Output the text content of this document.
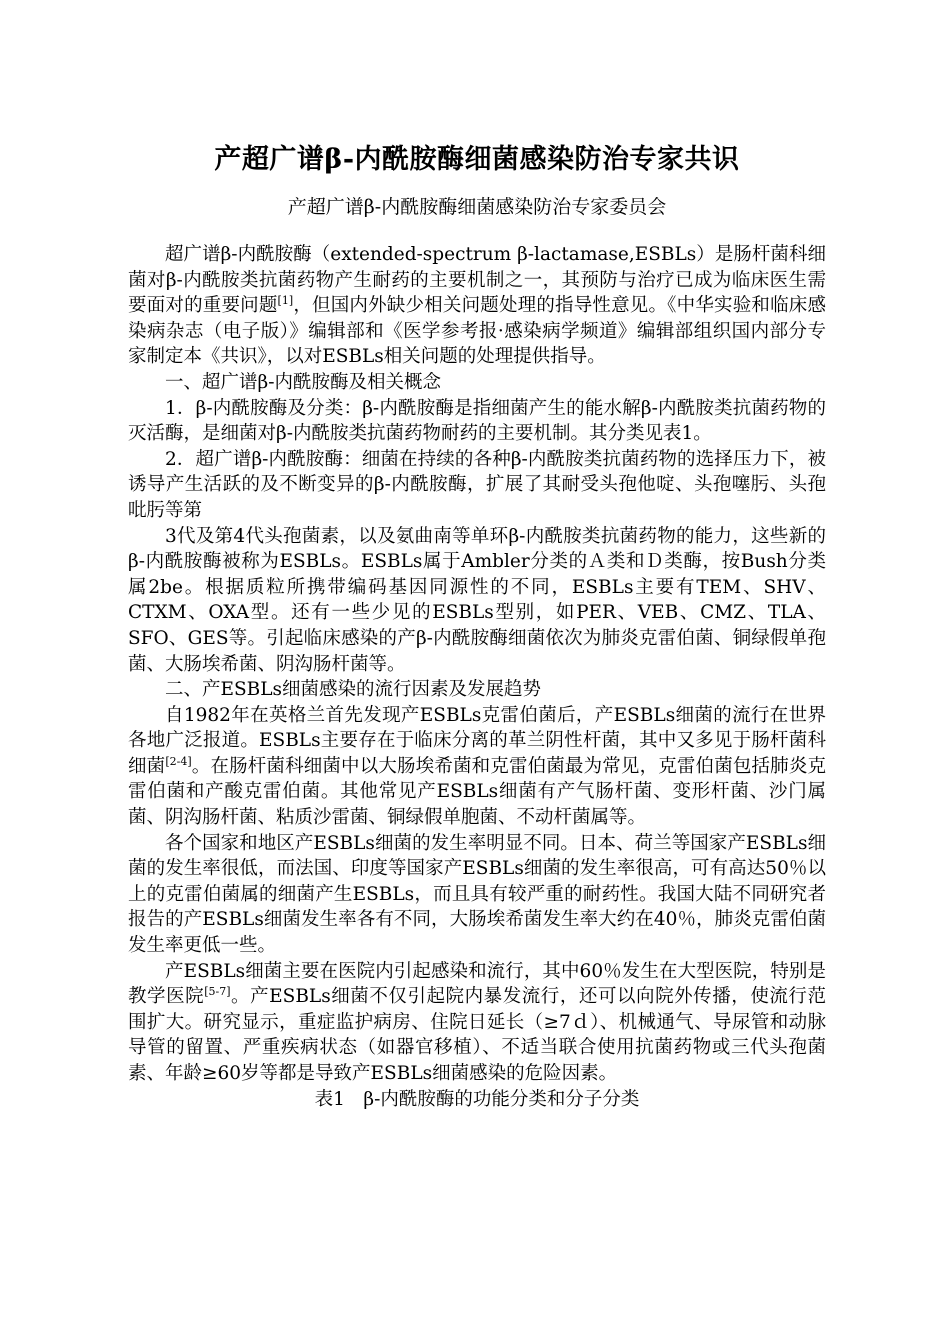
产超广谱β-内酰胺酶细菌感染防治专家共识

产超广谱β-内酰胺酶细菌感染防治专家委员会

超广谱β-内酰胺酶（extended-spectrum β-lactamase,ESBLs）是肠杆菌科细菌对β-内酰胺类抗菌药物产生耐药的主要机制之一，其预防与治疗已成为临床医生需要面对的重要问题[1]，但国内外缺少相关问题处理的指导性意见。《中华实验和临床感染病杂志（电子版）》编辑部和《医学参考报·感染病学频道》编辑部组织国内部分专家制定本《共识》，以对ESBLs相关问题的处理提供指导。

一、超广谱β-内酰胺酶及相关概念

1．β-内酰胺酶及分类：β-内酰胺酶是指细菌产生的能水解β-内酰胺类抗菌药物的灭活酶，是细菌对β-内酰胺类抗菌药物耐药的主要机制。其分类见表1。

2．超广谱β-内酰胺酶：细菌在持续的各种β-内酰胺类抗菌药物的选择压力下，被诱导产生活跃的及不断变异的β-内酰胺酶，扩展了其耐受头孢他啶、头孢噻肟、头孢吡肟等第

3代及第4代头孢菌素，以及氨曲南等单环β-内酰胺类抗菌药物的能力，这些新的β-内酰胺酶被称为ESBLs。ESBLs属于Ambler分类的Ａ类和Ｄ类酶，按Bush分类属2be。根据质粒所携带编码基因同源性的不同，ESBLs主要有TEM、SHV、CTXM、OXA型。还有一些少见的ESBLs型别，如PER、VEB、CMZ、TLA、SFO、GES等。引起临床感染的产β-内酰胺酶细菌依次为肺炎克雷伯菌、铜绿假单孢菌、大肠埃希菌、阴沟肠杆菌等。

二、产ESBLs细菌感染的流行因素及发展趋势

自1982年在英格兰首先发现产ESBLs克雷伯菌后，产ESBLs细菌的流行在世界各地广泛报道。ESBLs主要存在于临床分离的革兰阴性杆菌，其中又多见于肠杆菌科细菌[2-4]。在肠杆菌科细菌中以大肠埃希菌和克雷伯菌最为常见，克雷伯菌包括肺炎克雷伯菌和产酸克雷伯菌。其他常见产ESBLs细菌有产气肠杆菌、变形杆菌、沙门属菌、阴沟肠杆菌、粘质沙雷菌、铜绿假单胞菌、不动杆菌属等。

各个国家和地区产ESBLs细菌的发生率明显不同。日本、荷兰等国家产ESBLs细菌的发生率很低，而法国、印度等国家产ESBLs细菌的发生率很高，可有高达50％以上的克雷伯菌属的细菌产生ESBLs，而且具有较严重的耐药性。我国大陆不同研究者报告的产ESBLs细菌发生率各有不同，大肠埃希菌发生率大约在40％，肺炎克雷伯菌发生率更低一些。

产ESBLs细菌主要在医院内引起感染和流行，其中60％发生在大型医院，特别是教学医院[5-7]。产ESBLs细菌不仅引起院内暴发流行，还可以向院外传播，使流行范围扩大。研究显示，重症监护病房、住院日延长（≥7ｄ）、机械通气、导尿管和动脉导管的留置、严重疾病状态（如器官移植）、不适当联合使用抗菌药物或三代头孢菌素、年龄≥60岁等都是导致产ESBLs细菌感染的危险因素。

表1　β-内酰胺酶的功能分类和分子分类
